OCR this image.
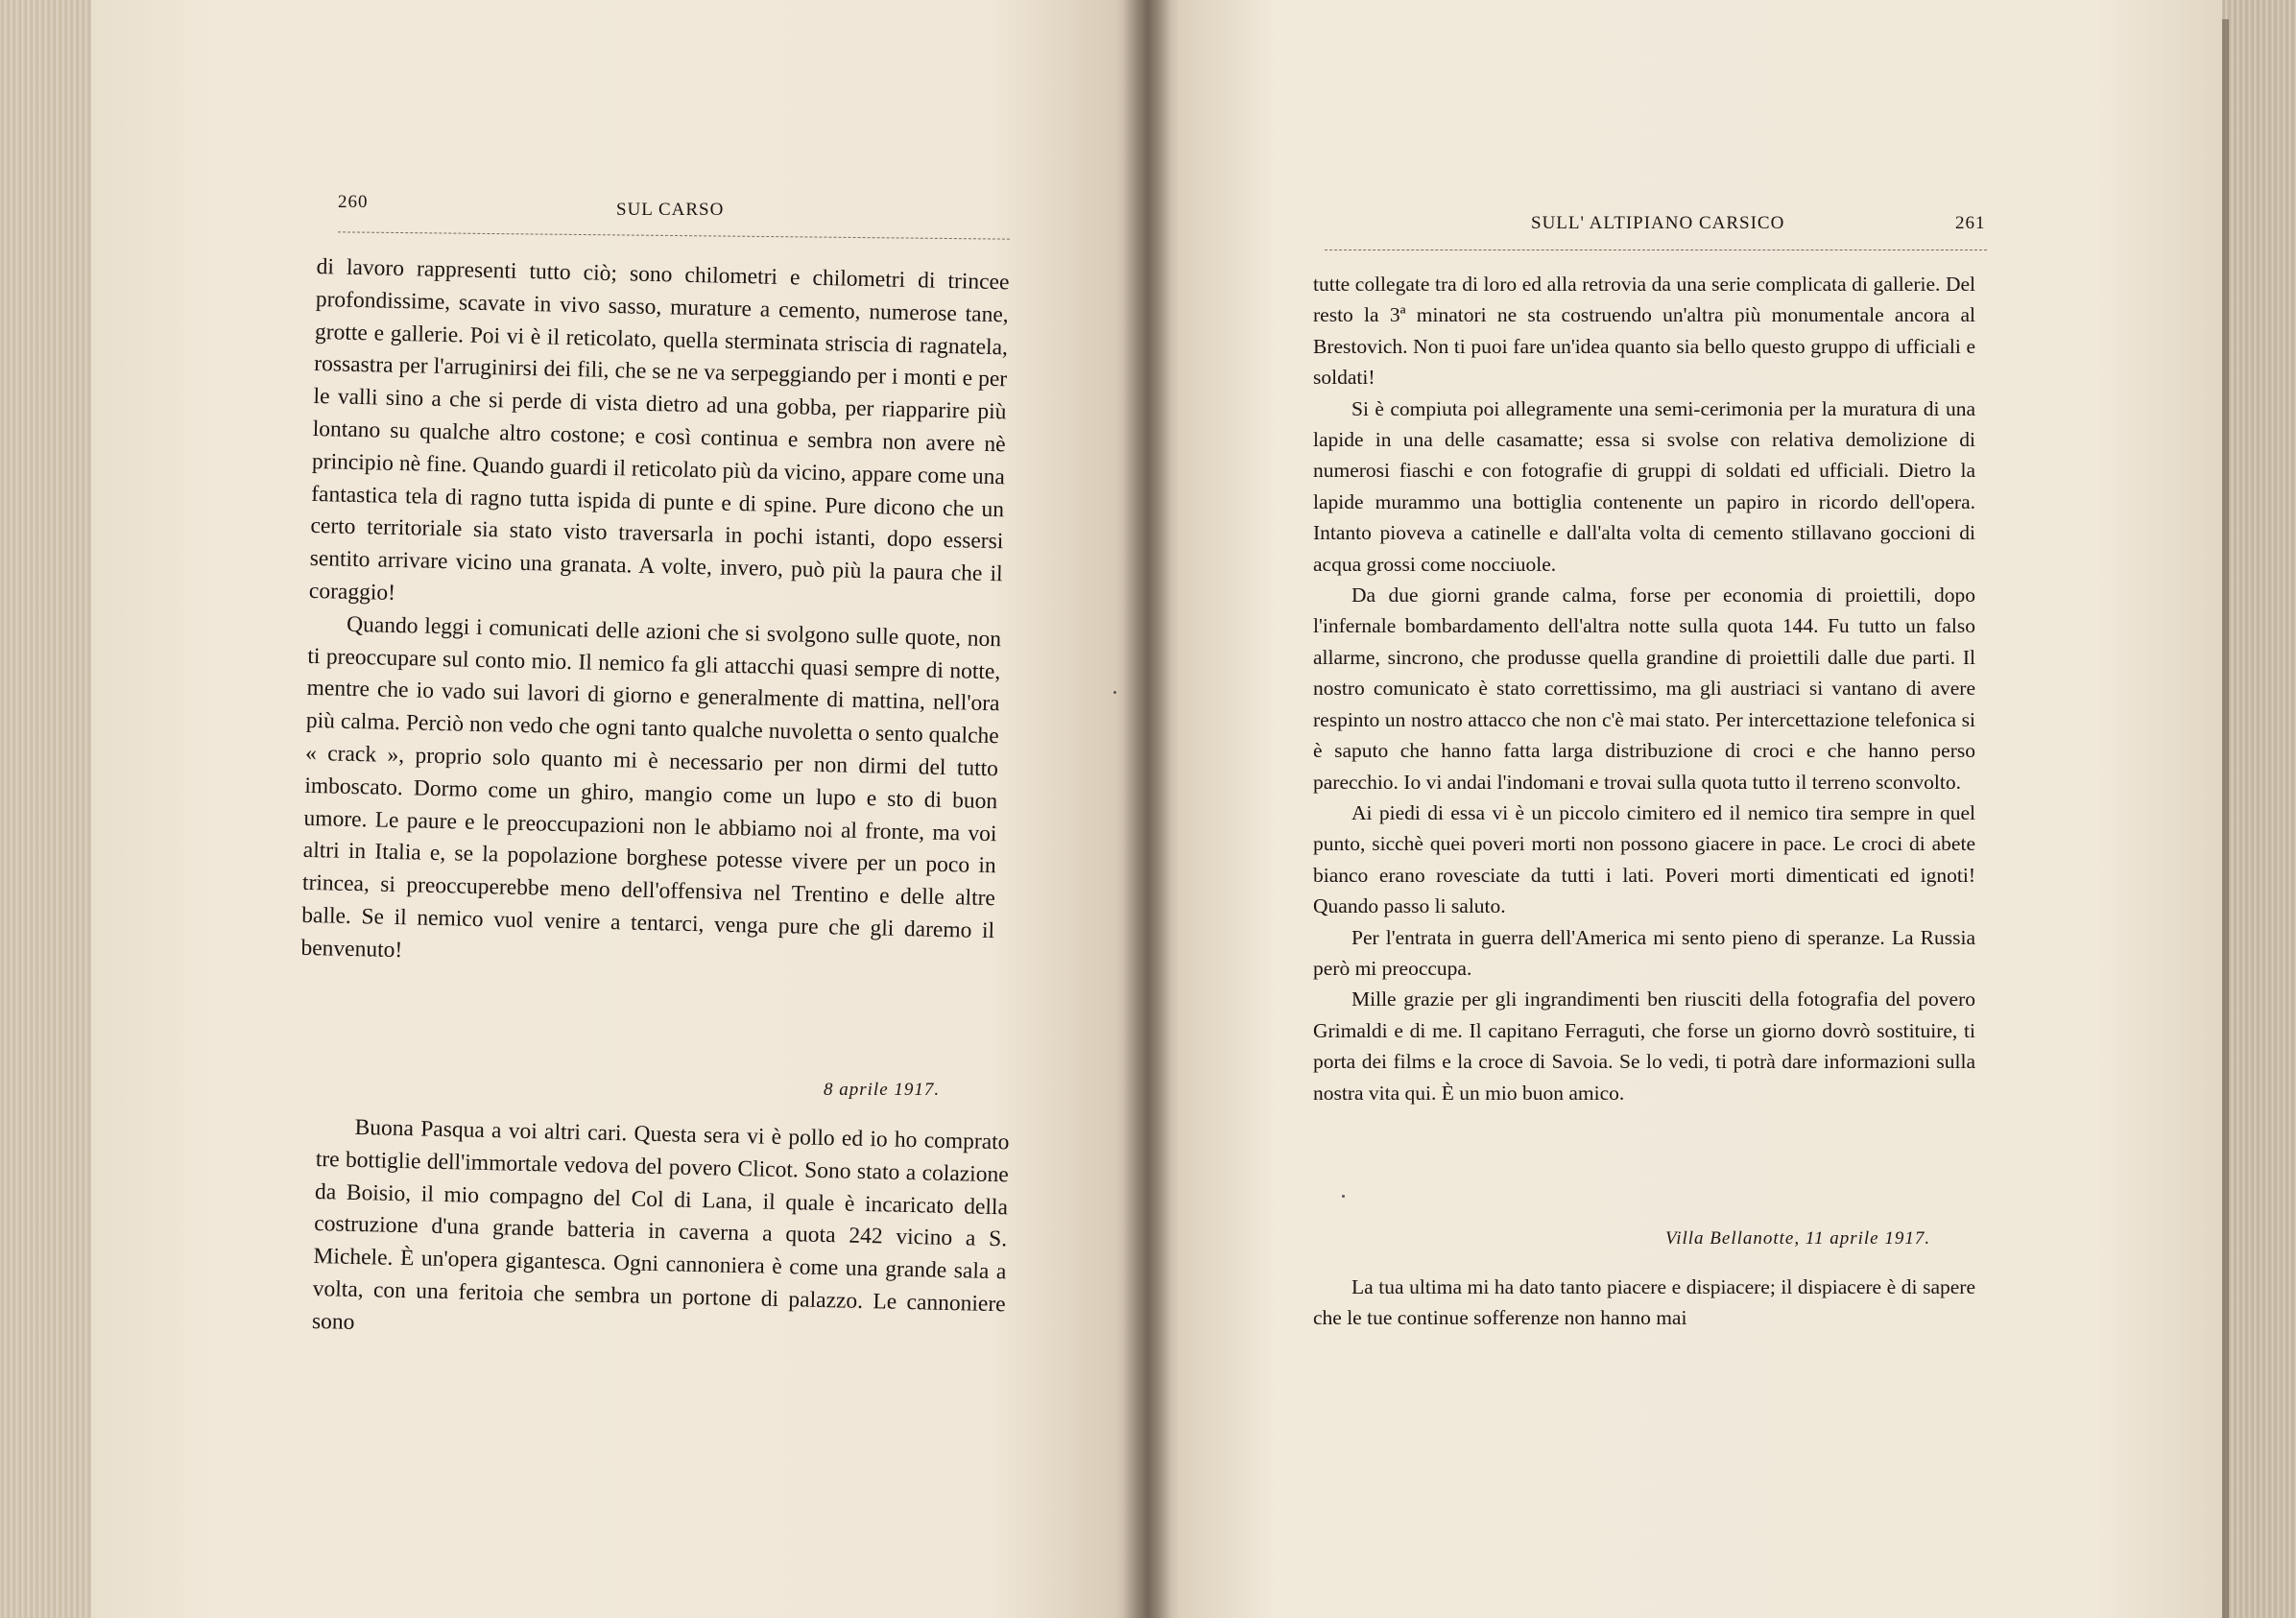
260	SUL CARSO

di lavoro rappresenti tutto ciò; sono chilometri e chilometri di trincee profondissime, scavate in vivo sasso, murature a cemento, numerose tane, grotte e gallerie. Poi vi è il reticolato, quella sterminata striscia di ragnatela, rossastra per l'arruginirsi dei fili, che se ne va serpeggiando per i monti e per le valli sino a che si perde di vista dietro ad una gobba, per riapparire più lontano su qualche altro costone; e così continua e sembra non avere nè principio nè fine. Quando guardi il reticolato più da vicino, appare come una fantastica tela di ragno tutta ispida di punte e di spine. Pure dicono che un certo territoriale sia stato visto traversarla in pochi istanti, dopo essersi sentito arrivare vicino una granata. A volte, invero, può più la paura che il coraggio!

Quando leggi i comunicati delle azioni che si svolgono sulle quote, non ti preoccupare sul conto mio. Il nemico fa gli attacchi quasi sempre di notte, mentre che io vado sui lavori di giorno e generalmente di mattina, nell'ora più calma. Perciò non vedo che ogni tanto qualche nuvoletta o sento qualche « crack », proprio solo quanto mi è necessario per non dirmi del tutto imboscato. Dormo come un ghiro, mangio come un lupo e sto di buon umore. Le paure e le preoccupazioni non le abbiamo noi al fronte, ma voi altri in Italia e, se la popolazione borghese potesse vivere per un poco in trincea, si preoccuperebbe meno dell'offensiva nel Trentino e delle altre balle. Se il nemico vuol venire a tentarci, venga pure che gli daremo il benvenuto!

8 aprile 1917.

Buona Pasqua a voi altri cari. Questa sera vi è pollo ed io ho comprato tre bottiglie dell'immortale vedova del povero Clicot. Sono stato a colazione da Boisio, il mio compagno del Col di Lana, il quale è incaricato della costruzione d'una grande batteria in caverna a quota 242 vicino a S. Michele. È un'opera gigantesca. Ogni cannoniera è come una grande sala a volta, con una feritoia che sembra un portone di palazzo. Le cannoniere sono

SULL' ALTIPIANO CARSICO	261

tutte collegate tra di loro ed alla retrovia da una serie complicata di gallerie. Del resto la 3ª minatori ne sta costruendo un'altra più monumentale ancora al Brestovich. Non ti puoi fare un'idea quanto sia bello questo gruppo di ufficiali e soldati!

Si è compiuta poi allegramente una semi-cerimonia per la muratura di una lapide in una delle casamatte; essa si svolse con relativa demolizione di numerosi fiaschi e con fotografie di gruppi di soldati ed ufficiali. Dietro la lapide murammo una bottiglia contenente un papiro in ricordo dell'opera. Intanto pioveva a catinelle e dall'alta volta di cemento stillavano goccioni di acqua grossi come nocciuole.

Da due giorni grande calma, forse per economia di proiettili, dopo l'infernale bombardamento dell'altra notte sulla quota 144. Fu tutto un falso allarme, sincrono, che produsse quella grandine di proiettili dalle due parti. Il nostro comunicato è stato correttissimo, ma gli austriaci si vantano di avere respinto un nostro attacco che non c'è mai stato. Per intercettazione telefonica si è saputo che hanno fatta larga distribuzione di croci e che hanno perso parecchio. Io vi andai l'indomani e trovai sulla quota tutto il terreno sconvolto.

Ai piedi di essa vi è un piccolo cimitero ed il nemico tira sempre in quel punto, sicchè quei poveri morti non possono giacere in pace. Le croci di abete bianco erano rovesciate da tutti i lati. Poveri morti dimenticati ed ignoti! Quando passo li saluto.

Per l'entrata in guerra dell'America mi sento pieno di speranze. La Russia però mi preoccupa.

Mille grazie per gli ingrandimenti ben riusciti della fotografia del povero Grimaldi e di me. Il capitano Ferraguti, che forse un giorno dovrò sostituire, ti porta dei films e la croce di Savoia. Se lo vedi, ti potrà dare informazioni sulla nostra vita qui. È un mio buon amico.

Villa Bellanotte, 11 aprile 1917.

La tua ultima mi ha dato tanto piacere e dispiacere; il dispiacere è di sapere che le tue continue sofferenze non hanno mai
